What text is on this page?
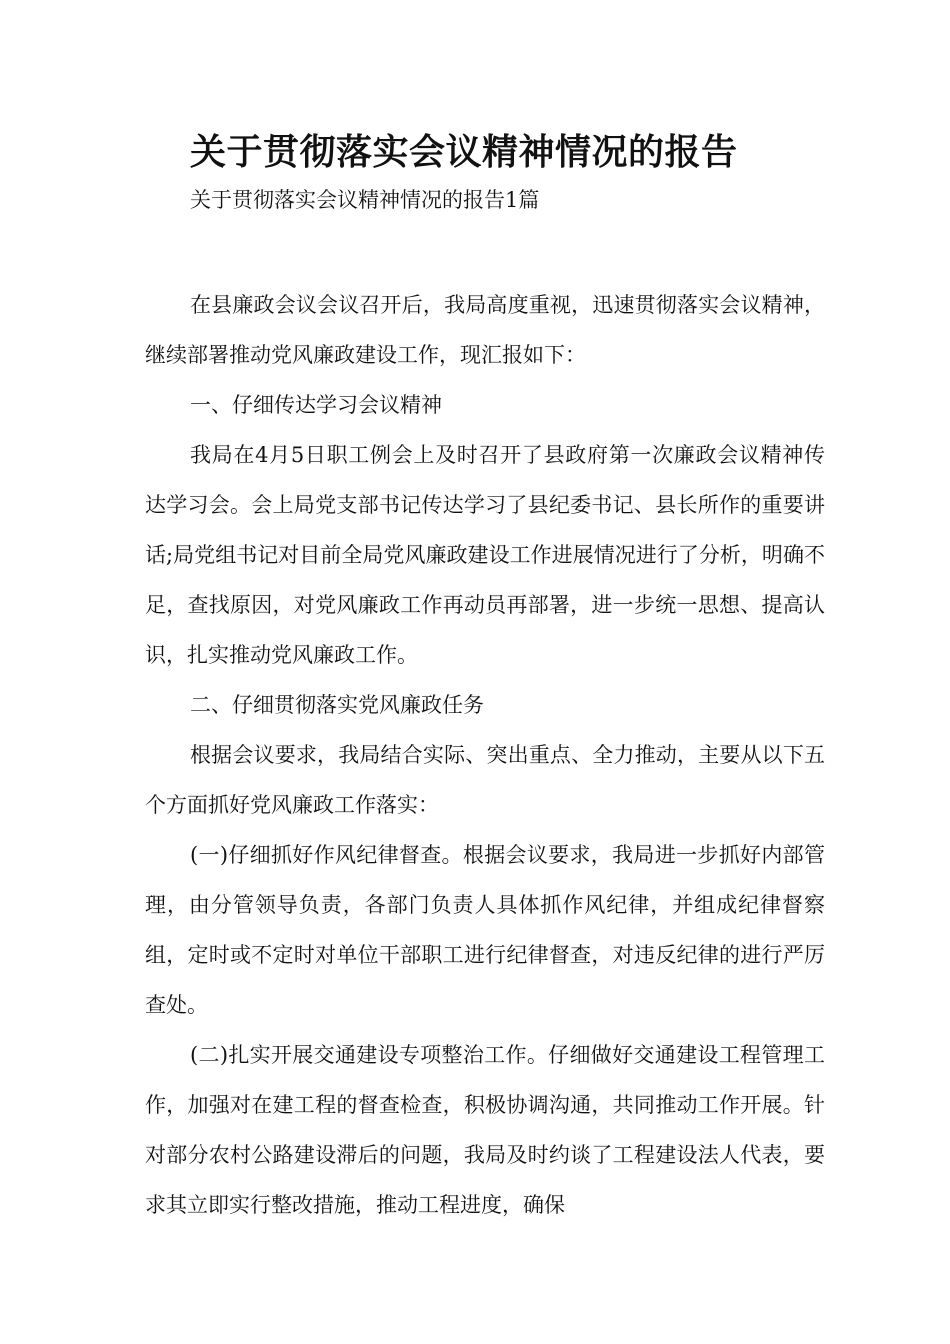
关于贯彻落实会议精神情况的报告
关于贯彻落实会议精神情况的报告1篇

在县廉政会议会议召开后，我局高度重视，迅速贯彻落实会议精神，继续部署推动党风廉政建设工作，现汇报如下：

一、仔细传达学习会议精神

我局在4月5日职工例会上及时召开了县政府第一次廉政会议精神传达学习会。会上局党支部书记传达学习了县纪委书记、县长所作的重要讲话;局党组书记对目前全局党风廉政建设工作进展情况进行了分析，明确不足，查找原因，对党风廉政工作再动员再部署，进一步统一思想、提高认识，扎实推动党风廉政工作。

二、仔细贯彻落实党风廉政任务

根据会议要求，我局结合实际、突出重点、全力推动，主要从以下五个方面抓好党风廉政工作落实：

(一)仔细抓好作风纪律督查。根据会议要求，我局进一步抓好内部管理，由分管领导负责，各部门负责人具体抓作风纪律，并组成纪律督察组，定时或不定时对单位干部职工进行纪律督查，对违反纪律的进行严厉查处。

(二)扎实开展交通建设专项整治工作。仔细做好交通建设工程管理工作，加强对在建工程的督查检查，积极协调沟通，共同推动工作开展。针对部分农村公路建设滞后的问题，我局及时约谈了工程建设法人代表，要求其立即实行整改措施，推动工程进度，确保
